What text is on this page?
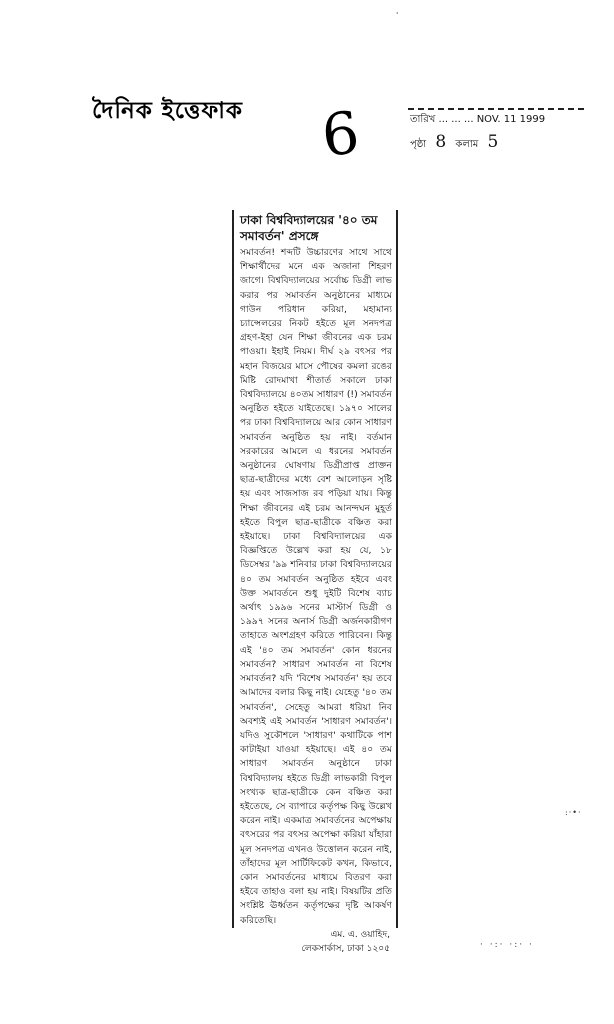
দৈনিক ইত্তেফাক 6	তারিখ ... ... ... NOV. 11 1999
পৃষ্ঠা 8 কলাম 5
ˌ
ঢাকা বিশ্ববিদ্যালয়ের '৪০ তম সমাবর্তন' প্রসঙ্গে

সমাবর্তন! শব্দটি উচ্চারণের সাথে সাথে শিক্ষার্থীদের মনে এক অজানা শিহরণ জাগে। বিশ্ববিদ্যালয়ের সর্বোচ্চ ডিগ্রী লাভ করার পর সমাবর্তন অনুষ্ঠানের মাধ্যমে গাউন পরিধান করিয়া, মহামান্য চ্যান্সেলরের নিকট হইতে মূল সনদপত্র গ্রহণ-ইহা যেন শিক্ষা জীবনের এক চরম পাওয়া। ইহাই নিয়ম। দীর্ঘ ২৯ বৎসর পর মহান বিজয়ের মাসে পৌষের কমলা রঙের মিষ্টি রোদমাখা শীতার্ত সকালে ঢাকা বিশ্ববিদ্যালয়ে ৪০তম সাধারণ (!) সমাবর্তন অনুষ্ঠিত হইতে যাইতেছে। ১৯৭০ সালের পর ঢাকা বিশ্ববিদ্যালয়ে আর কোন সাধারণ সমাবর্তন অনুষ্ঠিত হয় নাই। বর্তমান সরকারের আমলে এ ধরনের সমাবর্তন অনুষ্ঠানের ঘোষণায় ডিগ্রীপ্রাপ্ত প্রাক্তন ছাত্র-ছাত্রীদের মধ্যে বেশ আলোড়ন সৃষ্টি হয় এবং সাজসাজ রব পড়িয়া যায়। কিন্তু শিক্ষা জীবনের এই চরম আনন্দঘন মুহূর্ত হইতে বিপুল ছাত্র-ছাত্রীকে বঞ্চিত করা হইয়াছে। ঢাকা বিশ্ববিদ্যালয়ের এক বিজ্ঞপ্তিতে উল্লেখ করা হয় যে, ১৮ ডিসেম্বর '৯৯ শনিবার ঢাকা বিশ্ববিদ্যালয়ের ৪০ তম সমাবর্তন অনুষ্ঠিত হইবে এবং উক্ত সমাবর্তনে শুধু দুইটি বিশেষ ব্যাচ অর্থাৎ ১৯৯৬ সনের মাস্টার্স ডিগ্রী ও ১৯৯৭ সনের অনার্স ডিগ্রী অর্জনকারীগণ তাহাতে অংশগ্রহণ করিতে পারিবেন। কিন্তু এই '৪০ তম সমাবর্তন' কোন ধরনের সমাবর্তন? সাধারণ সমাবর্তন না বিশেষ সমাবর্তন? যদি 'বিশেষ সমাবর্তন' হয় তবে আমাদের বলার কিছু নাই। যেহেতু '৪০ তম সমাবর্তন', সেহেতু আমরা ধরিয়া নিব অবশ্যই এই সমাবর্তন 'সাধারণ সমাবর্তন'। যদিও সুকৌশলে 'সাধারণ' কথাটিকে পাশ কাটাইয়া যাওয়া হইয়াছে। এই ৪০ তম সাধারণ সমাবর্তন অনুষ্ঠানে ঢাকা বিশ্ববিদ্যালয় হইতে ডিগ্রী লাভকারী বিপুল সংখ্যক ছাত্র-ছাত্রীকে কেন বঞ্চিত করা হইতেছে, সে ব্যাপারে কর্তৃপক্ষ কিছু উল্লেখ করেন নাই। একমাত্র সমাবর্তনের অপেক্ষায় বৎসরের পর বৎসর অপেক্ষা করিয়া যাঁহারা মূল সনদপত্র এখনও উত্তোলন করেন নাই, তাঁহাদের মূল সার্টিফিকেট কখন, কিভাবে, কোন সমাবর্তনের মাধ্যমে বিতরণ করা হইবে তাহাও বলা হয় নাই। বিষয়টির প্রতি সংশ্লিষ্ট ঊর্ধ্বতন কর্তৃপক্ষের দৃষ্টি আকর্ষণ করিতেছি।

এম. এ. ওয়াহিদ,
লেকসার্কাস, ঢাকা ১২০৫
:·•·
· ·:· ·:· ·
